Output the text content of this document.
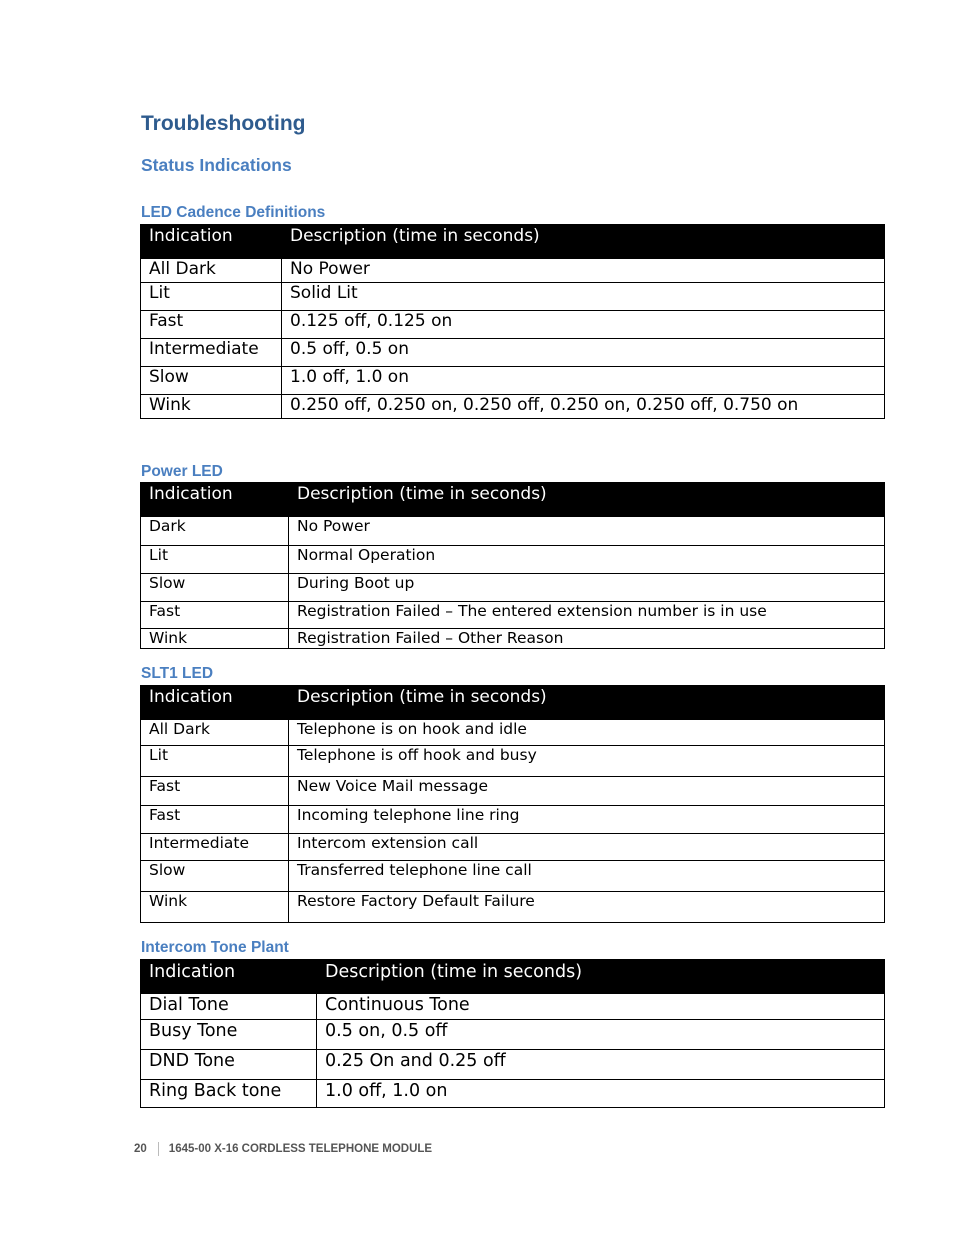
Troubleshooting
Status Indications
LED Cadence Definitions
Indication	Description (time in seconds)
All Dark	No Power
Lit	Solid Lit
Fast	0.125 off, 0.125 on
Intermediate	0.5 off, 0.5 on
Slow	1.0 off, 1.0 on
Wink	0.250 off, 0.250 on, 0.250 off, 0.250 on, 0.250 off, 0.750 on
Power LED
Indication	Description (time in seconds)
Dark	No Power
Lit	Normal Operation
Slow	During Boot up
Fast	Registration Failed – The entered extension number is in use
Wink	Registration Failed – Other Reason
SLT1 LED
Indication	Description (time in seconds)
All Dark	Telephone is on hook and idle
Lit	Telephone is off hook and busy
Fast	New Voice Mail message
Fast	Incoming telephone line ring
Intermediate	Intercom extension call
Slow	Transferred telephone line call
Wink	Restore Factory Default Failure
Intercom Tone Plant
Indication	Description (time in seconds)
Dial Tone	Continuous Tone
Busy Tone	0.5 on, 0.5 off
DND Tone	0.25 On and 0.25 off
Ring Back tone	1.0 off, 1.0 on
20 1645-00 X-16 CORDLESS TELEPHONE MODULE
